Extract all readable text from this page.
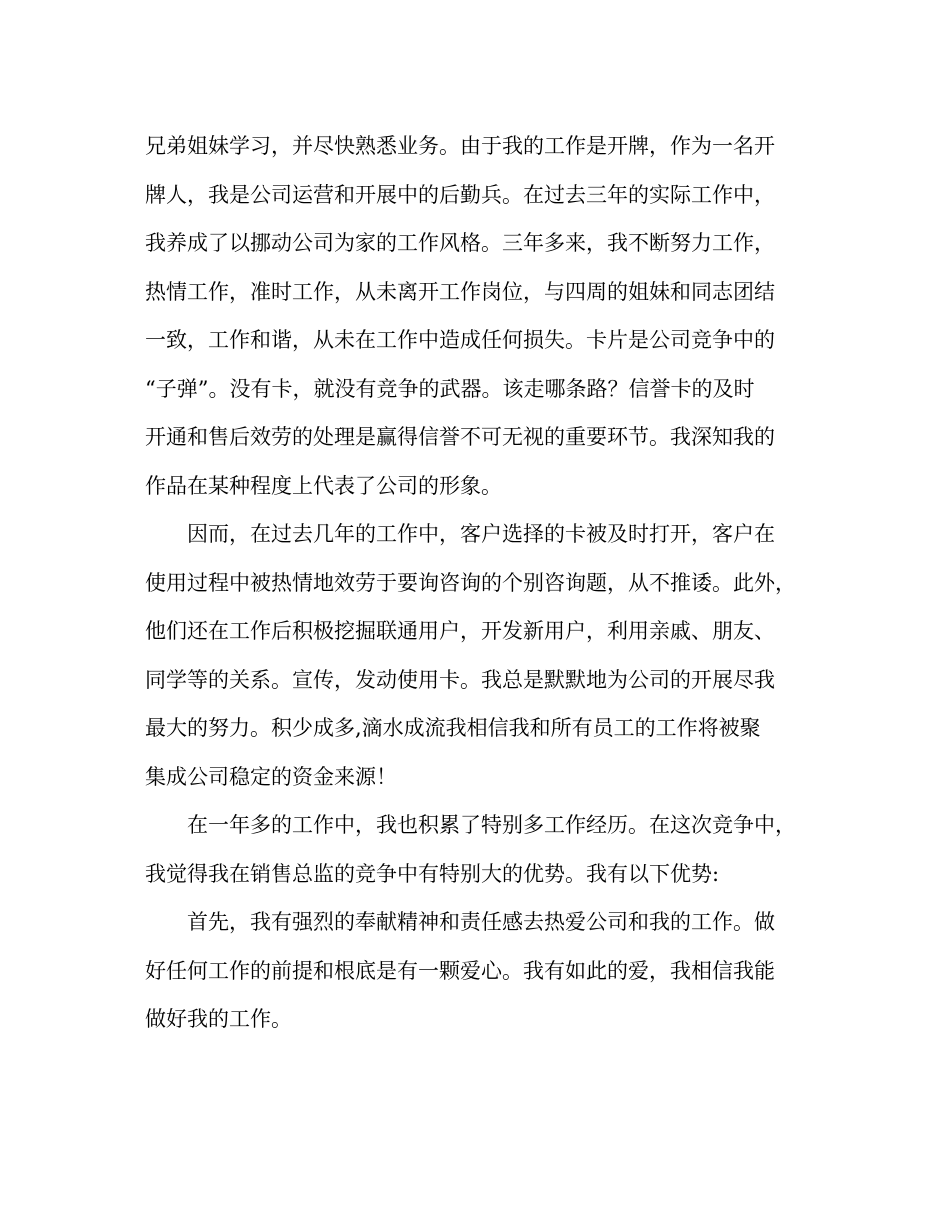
兄弟姐妹学习，并尽快熟悉业务。由于我的工作是开牌，作为一名开
牌人，我是公司运营和开展中的后勤兵。在过去三年的实际工作中，
我养成了以挪动公司为家的工作风格。三年多来，我不断努力工作，
热情工作，准时工作，从未离开工作岗位，与四周的姐妹和同志团结
一致，工作和谐，从未在工作中造成任何损失。卡片是公司竞争中的
“子弹”。没有卡，就没有竞争的武器。该走哪条路？信誉卡的及时
开通和售后效劳的处理是赢得信誉不可无视的重要环节。我深知我的
作品在某种程度上代表了公司的形象。
因而，在过去几年的工作中，客户选择的卡被及时打开，客户在
使用过程中被热情地效劳于要询咨询的个别咨询题，从不推诿。此外，
他们还在工作后积极挖掘联通用户，开发新用户，利用亲戚、朋友、
同学等的关系。宣传，发动使用卡。我总是默默地为公司的开展尽我
最大的努力。积少成多,滴水成流我相信我和所有员工的工作将被聚
集成公司稳定的资金来源！
在一年多的工作中，我也积累了特别多工作经历。在这次竞争中，
我觉得我在销售总监的竞争中有特别大的优势。我有以下优势:
首先，我有强烈的奉献精神和责任感去热爱公司和我的工作。做
好任何工作的前提和根底是有一颗爱心。我有如此的爱，我相信我能
做好我的工作。
